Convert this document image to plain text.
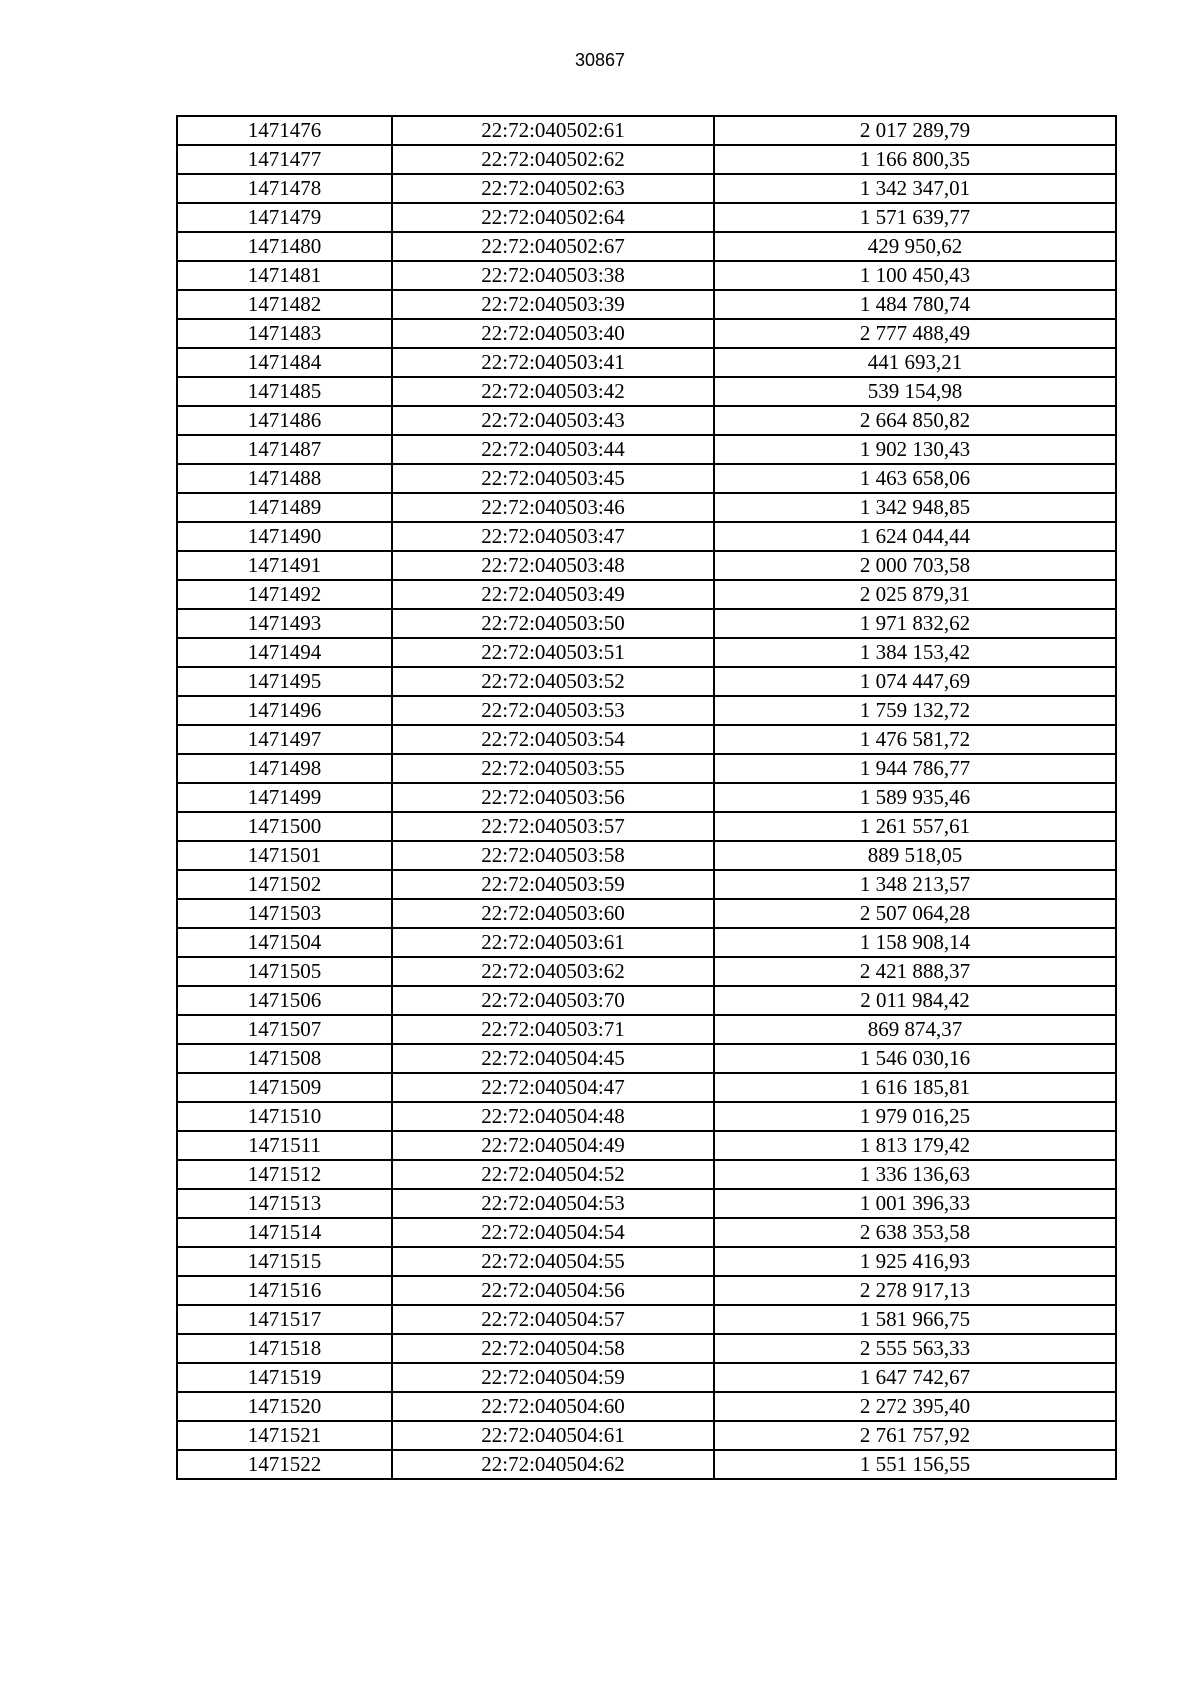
30867
1471476	22:72:040502:61	2 017 289,79
1471477	22:72:040502:62	1 166 800,35
1471478	22:72:040502:63	1 342 347,01
1471479	22:72:040502:64	1 571 639,77
1471480	22:72:040502:67	429 950,62
1471481	22:72:040503:38	1 100 450,43
1471482	22:72:040503:39	1 484 780,74
1471483	22:72:040503:40	2 777 488,49
1471484	22:72:040503:41	441 693,21
1471485	22:72:040503:42	539 154,98
1471486	22:72:040503:43	2 664 850,82
1471487	22:72:040503:44	1 902 130,43
1471488	22:72:040503:45	1 463 658,06
1471489	22:72:040503:46	1 342 948,85
1471490	22:72:040503:47	1 624 044,44
1471491	22:72:040503:48	2 000 703,58
1471492	22:72:040503:49	2 025 879,31
1471493	22:72:040503:50	1 971 832,62
1471494	22:72:040503:51	1 384 153,42
1471495	22:72:040503:52	1 074 447,69
1471496	22:72:040503:53	1 759 132,72
1471497	22:72:040503:54	1 476 581,72
1471498	22:72:040503:55	1 944 786,77
1471499	22:72:040503:56	1 589 935,46
1471500	22:72:040503:57	1 261 557,61
1471501	22:72:040503:58	889 518,05
1471502	22:72:040503:59	1 348 213,57
1471503	22:72:040503:60	2 507 064,28
1471504	22:72:040503:61	1 158 908,14
1471505	22:72:040503:62	2 421 888,37
1471506	22:72:040503:70	2 011 984,42
1471507	22:72:040503:71	869 874,37
1471508	22:72:040504:45	1 546 030,16
1471509	22:72:040504:47	1 616 185,81
1471510	22:72:040504:48	1 979 016,25
1471511	22:72:040504:49	1 813 179,42
1471512	22:72:040504:52	1 336 136,63
1471513	22:72:040504:53	1 001 396,33
1471514	22:72:040504:54	2 638 353,58
1471515	22:72:040504:55	1 925 416,93
1471516	22:72:040504:56	2 278 917,13
1471517	22:72:040504:57	1 581 966,75
1471518	22:72:040504:58	2 555 563,33
1471519	22:72:040504:59	1 647 742,67
1471520	22:72:040504:60	2 272 395,40
1471521	22:72:040504:61	2 761 757,92
1471522	22:72:040504:62	1 551 156,55
